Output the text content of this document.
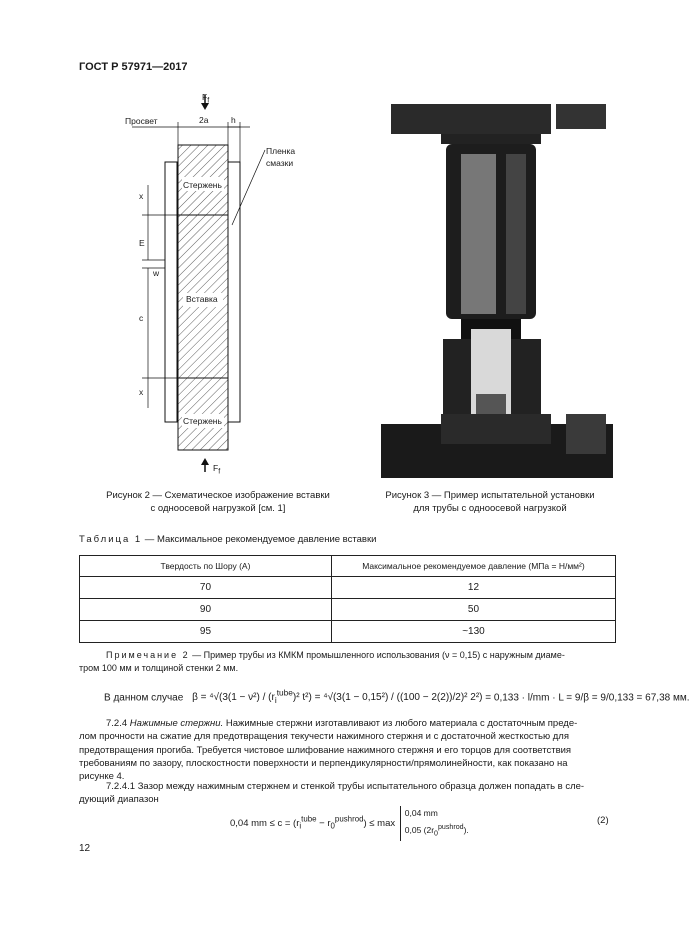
ГОСТ Р 57971—2017
$F_f$
Просвет	2a	h
Пленка
смазки
Стержень
Вставка
Стержень
x
E
w
c
x
$F_f$
Рисунок 2 — Схематическое изображение вставки
с одноосевой нагрузкой [см. 1]
Рисунок 3 — Пример испытательной установки
для трубы с одноосевой нагрузкой
Таблица 1 — Максимальное рекомендуемое давление вставки
Твердость по Шору (А)	Максимальное рекомендуемое давление (МПа = Н/мм²)
70	12
90	50
95	~130
Примечание 2 — Пример трубы из КМКМ промышленного использования (ν = 0,15) с наружным диаме-
тром 100 мм и толщиной стенки 2 мм.
В данном случае $\beta = ^4√(3(1 - \nu^2) / (r_i^{tube})^2$ t²) = ⁴√(3(1 − 0,15²) / ((100 − 2(2))/2)² 2²) = 0,133 · l/mm · L = 9/β = 9/0,133 = 67,38 мм.
7.2.4 Нажимные стержни. Нажимные стержни изготавливают из любого материала с достаточным преде-
лом прочности на сжатие для предотвращения текучести нажимного стержня и с достаточной жесткостью для
предотвращения прогиба. Требуется чистовое шлифование нажимного стержня и его торцов для соответствия
требованиям по зазору, плоскостности поверхности и перпендикулярности/прямолинейности, как показано на
рисунке 4.
7.2.4.1 Зазор между нажимным стержнем и стенкой трубы испытательного образца должен попадать в сле-
дующий диапазон
0,04 mm ≤ $c = (r_i^{tube} - r_0^{pushrod}) \le \max$
0,04 mm
0,05 $(2r_0^{pushrod})$.
(2)
12
